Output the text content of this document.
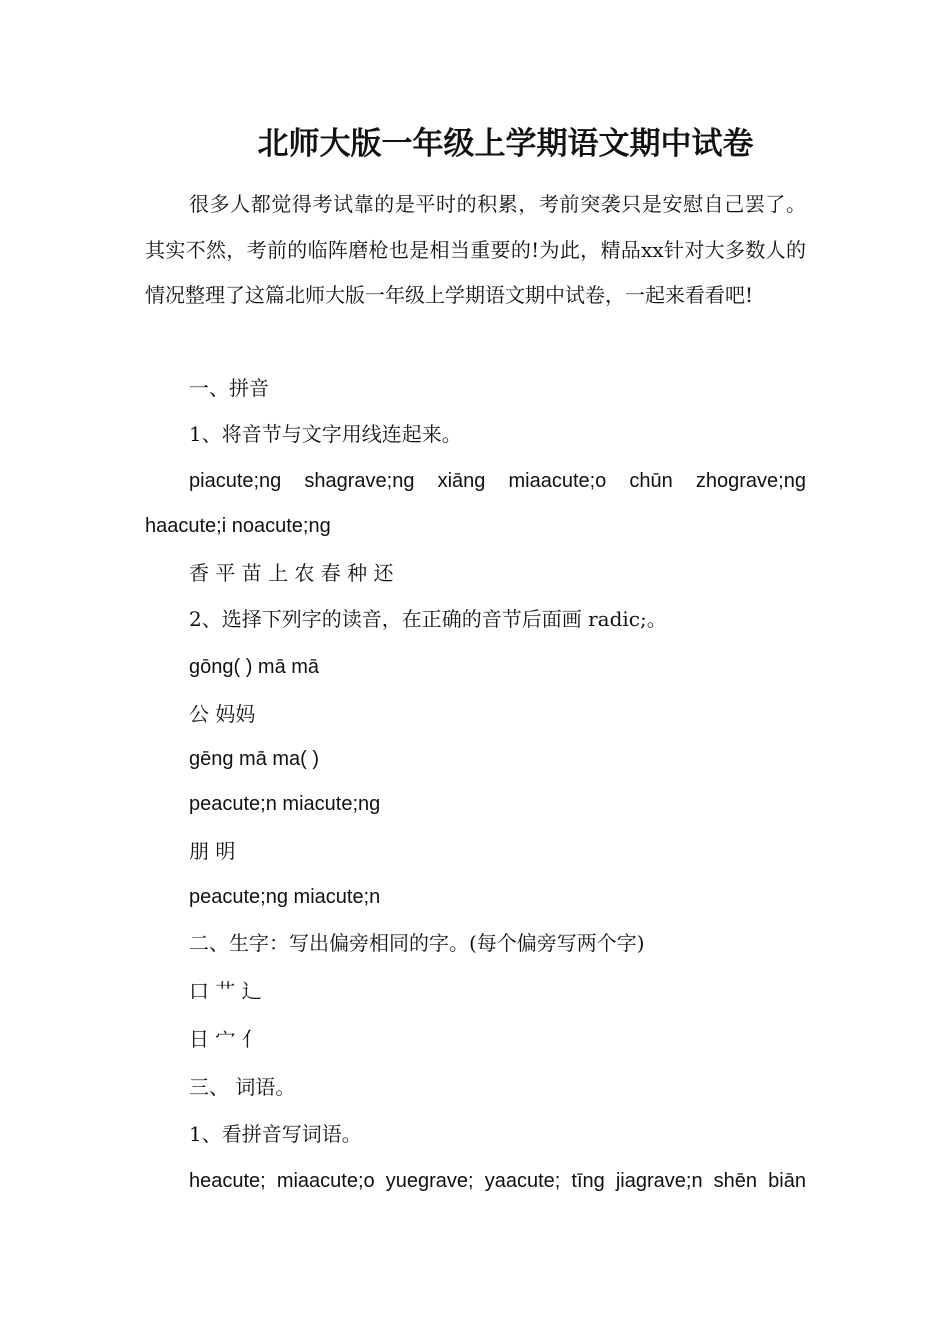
北师大版一年级上学期语文期中试卷

很多人都觉得考试靠的是平时的积累，考前突袭只是安慰自己罢了。其实不然，考前的临阵磨枪也是相当重要的!为此，精品xx针对大多数人的情况整理了这篇北师大版一年级上学期语文期中试卷，一起来看看吧!

一、拼音

1、将音节与文字用线连起来。

piacute;ng shagrave;ng xiāng miaacute;o chūn zhograve;ng

haacute;i noacute;ng

香 平 苗 上 农 春 种 还

2、选择下列字的读音，在正确的音节后面画 radic;。

gōng( ) mā mā

公 妈妈

gēng mā ma( )

peacute;n miacute;ng

朋 明

peacute;ng miacute;n

二、生字：写出偏旁相同的字。(每个偏旁写两个字)

口 艹 辶

日 宀 亻

三、 词语。

1、看拼音写词语。

heacute; miaacute;o yuegrave; yaacute; tīng jiagrave;n shēn biān
